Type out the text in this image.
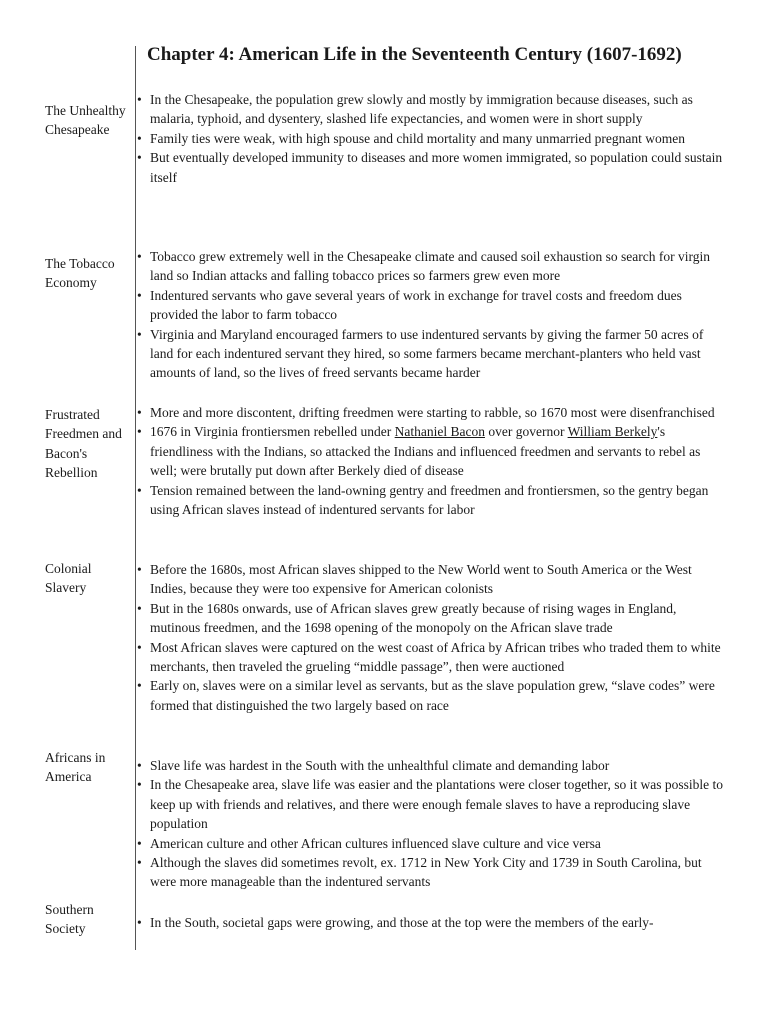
Chapter 4: American Life in the Seventeenth Century (1607-1692)
The Unhealthy Chesapeake
• In the Chesapeake, the population grew slowly and mostly by immigration because diseases, such as malaria, typhoid, and dysentery, slashed life expectancies, and women were in short supply
• Family ties were weak, with high spouse and child mortality and many unmarried pregnant women
• But eventually developed immunity to diseases and more women immigrated, so population could sustain itself
The Tobacco Economy
• Tobacco grew extremely well in the Chesapeake climate and caused soil exhaustion so search for virgin land so Indian attacks and falling tobacco prices so farmers grew even more
• Indentured servants who gave several years of work in exchange for travel costs and freedom dues provided the labor to farm tobacco
• Virginia and Maryland encouraged farmers to use indentured servants by giving the farmer 50 acres of land for each indentured servant they hired, so some farmers became merchant-planters who held vast amounts of land, so the lives of freed servants became harder
Frustrated Freedmen and Bacon's Rebellion
• More and more discontent, drifting freedmen were starting to rabble, so 1670 most were disenfranchised
• 1676 in Virginia frontiersmen rebelled under Nathaniel Bacon over governor William Berkely's friendliness with the Indians, so attacked the Indians and influenced freedmen and servants to rebel as well; were brutally put down after Berkely died of disease
• Tension remained between the land-owning gentry and freedmen and frontiersmen, so the gentry began using African slaves instead of indentured servants for labor
Colonial Slavery
• Before the 1680s, most African slaves shipped to the New World went to South America or the West Indies, because they were too expensive for American colonists
• But in the 1680s onwards, use of African slaves grew greatly because of rising wages in England, mutinous freedmen, and the 1698 opening of the monopoly on the African slave trade
• Most African slaves were captured on the west coast of Africa by African tribes who traded them to white merchants, then traveled the grueling “middle passage”, then were auctioned
• Early on, slaves were on a similar level as servants, but as the slave population grew, “slave codes” were formed that distinguished the two largely based on race
Africans in America
• Slave life was hardest in the South with the unhealthful climate and demanding labor
• In the Chesapeake area, slave life was easier and the plantations were closer together, so it was possible to keep up with friends and relatives, and there were enough female slaves to have a reproducing slave population
• American culture and other African cultures influenced slave culture and vice versa
• Although the slaves did sometimes revolt, ex. 1712 in New York City and 1739 in South Carolina, but were more manageable than the indentured servants
Southern Society	• In the South, societal gaps were growing, and those at the top were the members of the early-
